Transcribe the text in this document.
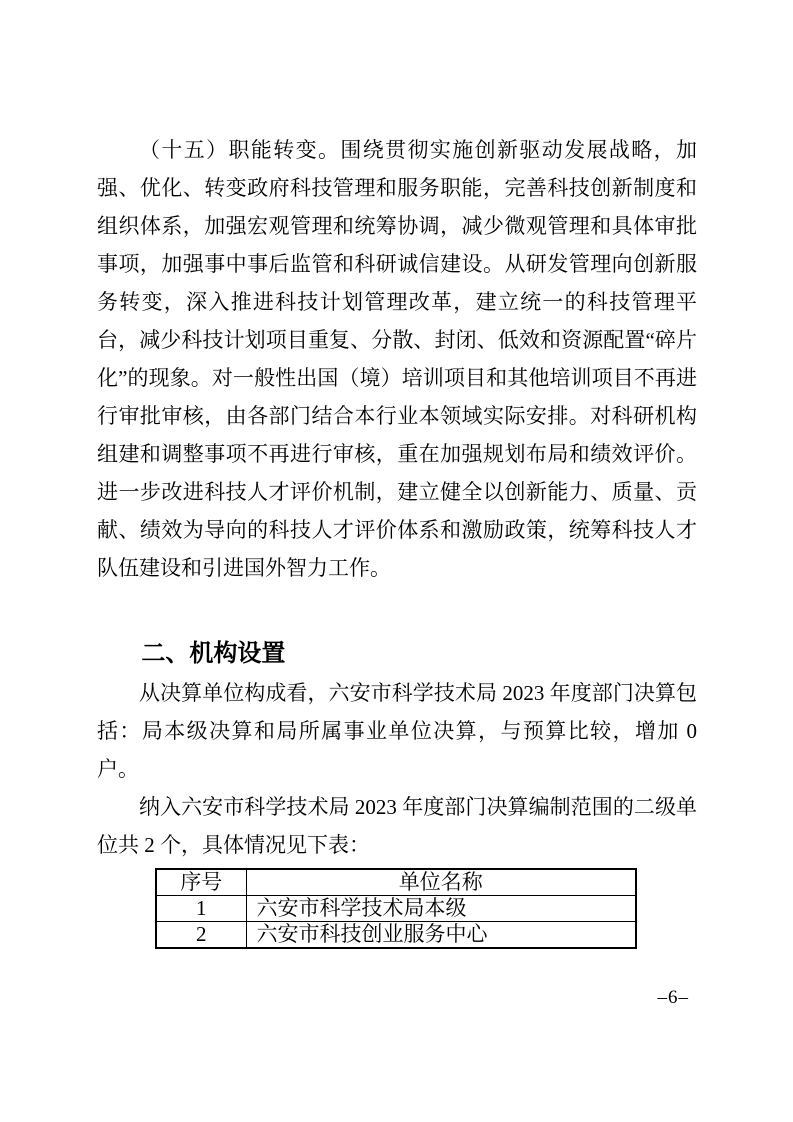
（十五）职能转变。围绕贯彻实施创新驱动发展战略，加强、优化、转变政府科技管理和服务职能，完善科技创新制度和组织体系，加强宏观管理和统筹协调，减少微观管理和具体审批事项，加强事中事后监管和科研诚信建设。从研发管理向创新服务转变，深入推进科技计划管理改革，建立统一的科技管理平台，减少科技计划项目重复、分散、封闭、低效和资源配置“碎片化”的现象。对一般性出国（境）培训项目和其他培训项目不再进行审批审核，由各部门结合本行业本领域实际安排。对科研机构组建和调整事项不再进行审核，重在加强规划布局和绩效评价。进一步改进科技人才评价机制，建立健全以创新能力、质量、贡献、绩效为导向的科技人才评价体系和激励政策，统筹科技人才队伍建设和引进国外智力工作。

二、机构设置

从决算单位构成看，六安市科学技术局 2023 年度部门决算包括：局本级决算和局所属事业单位决算，与预算比较，增加 0 户。

纳入六安市科学技术局 2023 年度部门决算编制范围的二级单位共 2 个，具体情况见下表：

序号	单位名称
1	六安市科学技术局本级
2	六安市科技创业服务中心
–6–
